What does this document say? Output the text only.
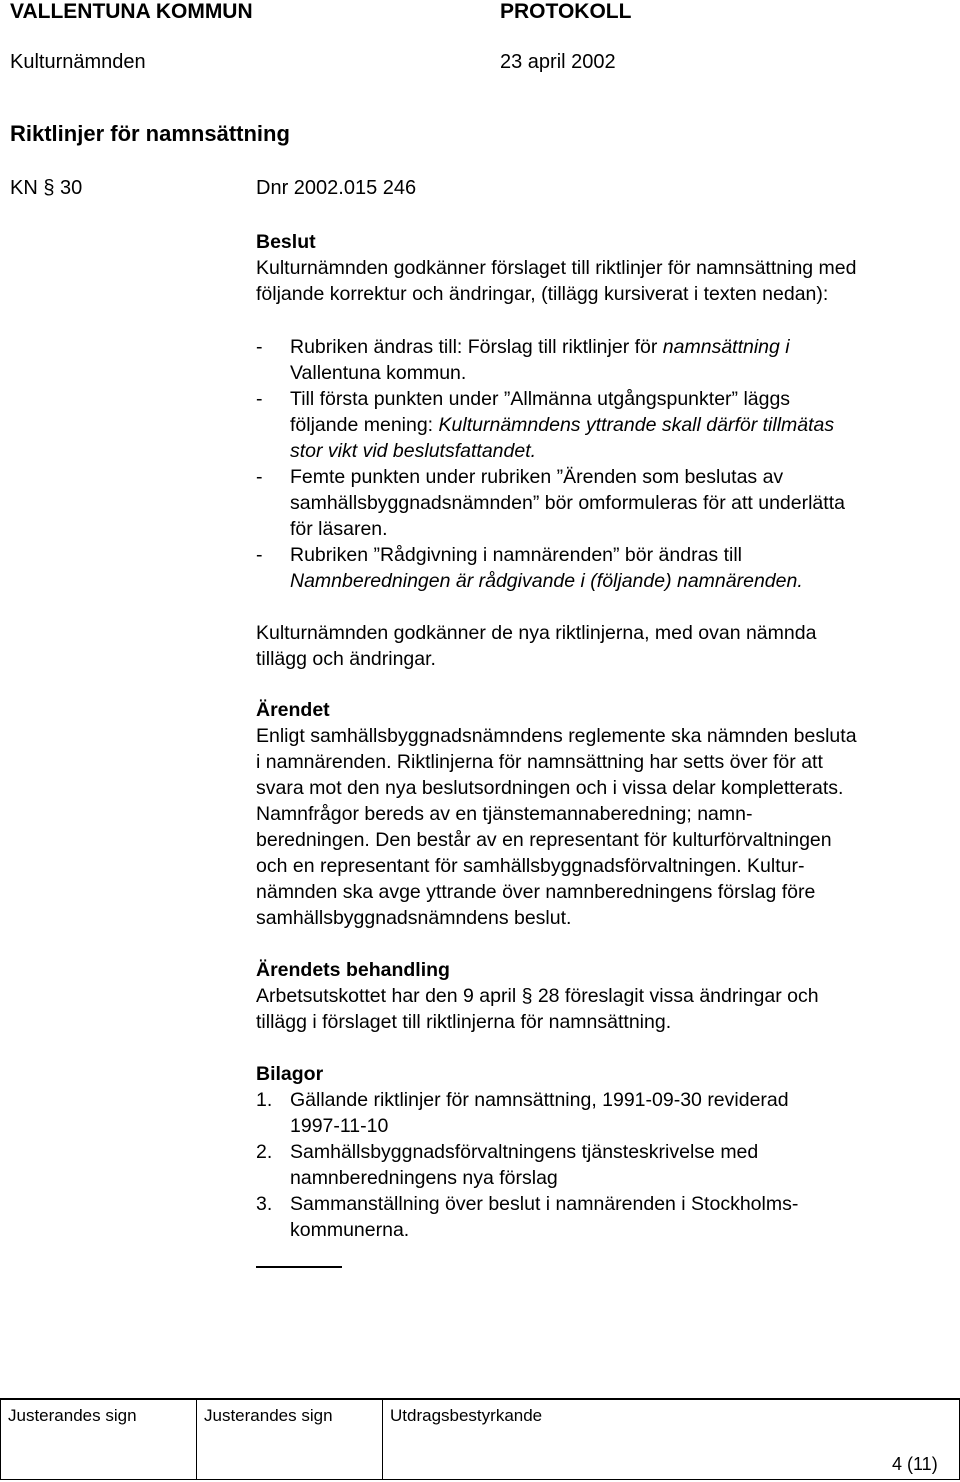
VALLENTUNA KOMMUN	PROTOKOLL
Kulturnämnden	23 april 2002
Riktlinjer för namnsättning
KN § 30	Dnr 2002.015 246
Beslut
Kulturnämnden godkänner förslaget till riktlinjer för namnsättning med
följande korrektur och ändringar, (tillägg kursiverat i texten nedan):
- Rubriken ändras till: Förslag till riktlinjer för namnsättning i
Vallentuna kommun.
- Till första punkten under ”Allmänna utgångspunkter” läggs
följande mening: Kulturnämndens yttrande skall därför tillmätas
stor vikt vid beslutsfattandet.
- Femte punkten under rubriken ”Ärenden som beslutas av
samhällsbyggnadsnämnden” bör omformuleras för att underlätta
för läsaren.
- Rubriken ”Rådgivning i namnärenden” bör ändras till
Namnberedningen är rådgivande i (följande) namnärenden.
Kulturnämnden godkänner de nya riktlinjerna, med ovan nämnda
tillägg och ändringar.
Ärendet
Enligt samhällsbyggnadsnämndens reglemente ska nämnden besluta
i namnärenden. Riktlinjerna för namnsättning har setts över för att
svara mot den nya beslutsordningen och i vissa delar kompletterats.
Namnfrågor bereds av en tjänstemannaberedning; namn-
beredningen. Den består av en representant för kulturförvaltningen
och en representant för samhällsbyggnadsförvaltningen. Kultur-
nämnden ska avge yttrande över namnberedningens förslag före
samhällsbyggnadsnämndens beslut.
Ärendets behandling
Arbetsutskottet har den 9 april § 28 föreslagit vissa ändringar och
tillägg i förslaget till riktlinjerna för namnsättning.
Bilagor
1. Gällande riktlinjer för namnsättning, 1991-09-30 reviderad
1997-11-10
2. Samhällsbyggnadsförvaltningens tjänsteskrivelse med
namnberedningens nya förslag
3. Sammanställning över beslut i namnärenden i Stockholms-
kommunerna.
Justerandes sign	Justerandes sign	Utdragsbestyrkande
4 (11)
